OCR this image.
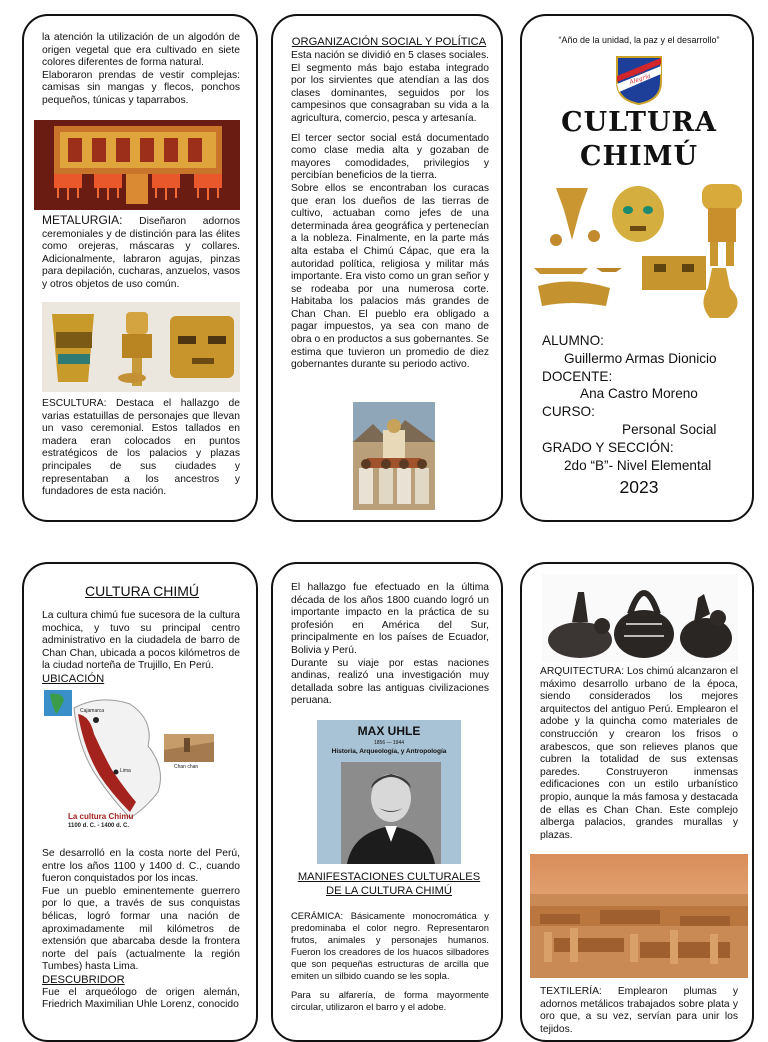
la atención la utilización de un algodón de origen vegetal que era cultivado en siete colores diferentes de forma natural.

Elaboraron prendas de vestir complejas: camisas sin mangas y flecos, ponchos pequeños, túnicas y taparrabos.

METALURGIA: Diseñaron adornos ceremoniales y de distinción para las élites como orejeras, máscaras y collares. Adicionalmente, labraron agujas, pinzas para depilación, cucharas, anzuelos, vasos y otros objetos de uso común.

ESCULTURA: Destaca el hallazgo de varias estatuillas de personajes que llevan un vaso ceremonial. Estos tallados en madera eran colocados en puntos estratégicos de los palacios y plazas principales de sus ciudades y representaban a los ancestros y fundadores de esta nación.

ORGANIZACIÓN SOCIAL Y POLÍTICA

Esta nación se dividió en 5 clases sociales. El segmento más bajo estaba integrado por los sirvientes que atendían a las dos clases dominantes, seguidos por los campesinos que consagraban su vida a la agricultura, comercio, pesca y artesanía.

El tercer sector social está documentado como clase media alta y gozaban de mayores comodidades, privilegios y percibían beneficios de la tierra.

Sobre ellos se encontraban los curacas que eran los dueños de las tierras de cultivo, actuaban como jefes de una determinada área geográfica y pertenecían a la nobleza. Finalmente, en la parte más alta estaba el Chimú Cápac, que era la autoridad política, religiosa y militar más importante. Era visto como un gran señor y se rodeaba por una numerosa corte. Habitaba los palacios más grandes de Chan Chan. El pueblo era obligado a pagar impuestos, ya sea con mano de obra o en productos a sus gobernantes. Se estima que tuvieron un promedio de diez gobernantes durante su periodo activo.

“Año de la unidad, la paz y el desarrollo”
Cesa Alegría
CULTURA
CHIMÚ
ALUMNO:
Guillermo Armas Dionicio
DOCENTE:
Ana Castro Moreno
CURSO:
Personal Social
GRADO Y SECCIÓN:
2do “B”- Nivel Elemental
2023
CULTURA CHIMÚ

La cultura chimú fue sucesora de la cultura mochica, y tuvo su principal centro administrativo en la ciudadela de barro de Chan Chan, ubicada a pocos kilómetros de la ciudad norteña de Trujillo, En Perú.

UBICACIÓN

Cajamarca
Lima
Chan chan
La cultura Chimu
1100 d. C. - 1400 d. C.

Se desarrolló en la costa norte del Perú, entre los años 1100 y 1400 d. C., cuando fueron conquistados por los incas.

Fue un pueblo eminentemente guerrero por lo que, a través de sus conquistas bélicas, logró formar una nación de aproximadamente mil kilómetros de extensión que abarcaba desde la frontera norte del país (actualmente la región Tumbes) hasta Lima.

DESCUBRIDOR

Fue el arqueólogo de origen alemán, Friedrich Maximilian Uhle Lorenz, conocido

El hallazgo fue efectuado en la última década de los años 1800 cuando logró un importante impacto en la práctica de su profesión en América del Sur, principalmente en los países de Ecuador, Bolivia y Perú.

Durante su viaje por estas naciones andinas, realizó una investigación muy detallada sobre las antiguas civilizaciones peruana.

MAX UHLE
1856 — 1944
Historia, Arqueología, y Antropología
MANIFESTACIONES CULTURALES
DE LA CULTURA CHIMÚ

CERÁMICA: Básicamente monocromática y predominaba el color negro. Representaron frutos, animales y personajes humanos. Fueron los creadores de los huacos silbadores que son pequeñas estructuras de arcilla que emiten un silbido cuando se les sopla.

Para su alfarería, de forma mayormente circular, utilizaron el barro y el adobe.

ARQUITECTURA: Los chimú alcanzaron el máximo desarrollo urbano de la época, siendo considerados los mejores arquitectos del antiguo Perú. Emplearon el adobe y la quincha como materiales de construcción y crearon los frisos o arabescos, que son relieves planos que cubren la totalidad de sus extensas paredes. Construyeron inmensas edificaciones con un estilo urbanístico propio, aunque la más famosa y destacada de ellas es Chan Chan. Este complejo alberga palacios, grandes murallas y plazas.

TEXTILERÍA: Emplearon plumas y adornos metálicos trabajados sobre plata y oro que, a su vez, servían para unir los tejidos.
